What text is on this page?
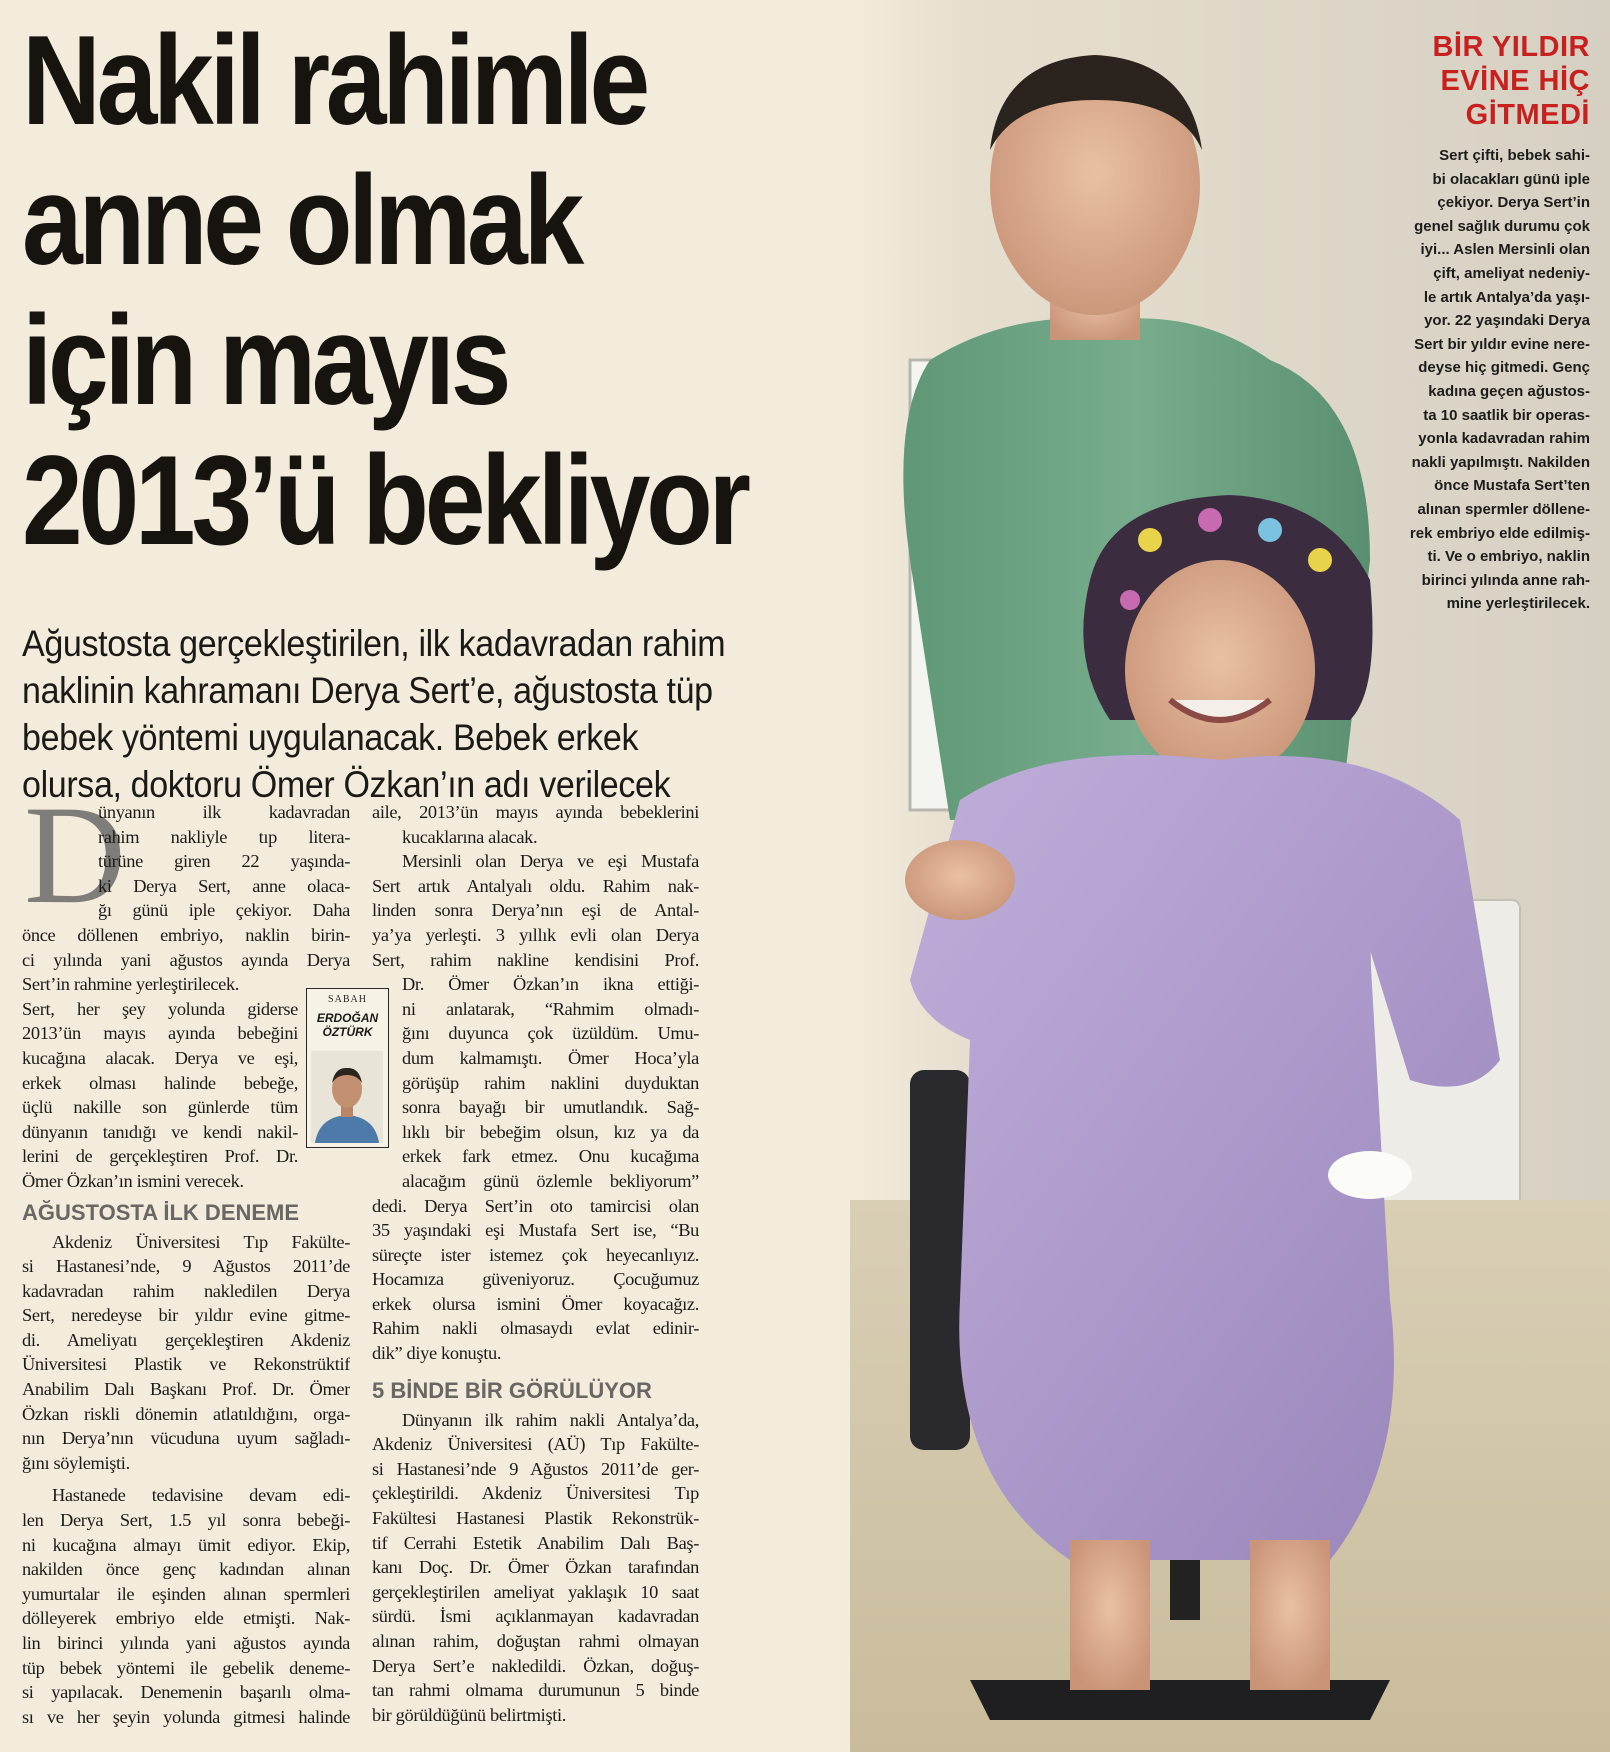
Nakil rahimle
anne olmak
için mayıs
2013’ü bekliyor
Ağustosta gerçekleştirilen, ilk kadavradan rahim
naklinin kahramanı Derya Sert’e, ağustosta tüp
bebek yöntemi uygulanacak. Bebek erkek
olursa, doktoru Ömer Özkan’ın adı verilecek
BİR YILDIR
EVİNE HİÇ
GİTMEDİ
Sert çifti, bebek sahi-
bi olacakları günü iple
çekiyor. Derya Sert’in
genel sağlık durumu çok
iyi... Aslen Mersinli olan
çift, ameliyat nedeniy-
le artık Antalya’da yaşı-
yor. 22 yaşındaki Derya
Sert bir yıldır evine nere-
deyse hiç gitmedi. Genç
kadına geçen ağustos-
ta 10 saatlik bir operas-
yonla kadavradan rahim
nakli yapılmıştı. Nakilden
önce Mustafa Sert’ten
alınan spermler döllene-
rek embriyo elde edilmiş-
ti. Ve o embriyo, naklin
birinci yılında anne rah-
mine yerleştirilecek.
D
ünyanın ilk kadavradan
rahim nakliyle tıp litera-
türüne giren 22 yaşında-
ki Derya Sert, anne olaca-
ğı günü iple çekiyor. Daha
önce döllenen embriyo, naklin birin-
ci yılında yani ağustos ayında Derya
Sert’in rahmine yerleştirilecek.
Sert, her şey yolunda giderse
2013’ün mayıs ayında bebeğini
kucağına alacak. Derya ve eşi,
erkek olması halinde bebeğe,
üçlü nakille son günlerde tüm
dünyanın tanıdığı ve kendi nakil-
lerini de gerçekleştiren Prof. Dr.
Ömer Özkan’ın ismini verecek.
AĞUSTOSTA İLK DENEME
Akdeniz Üniversitesi Tıp Fakülte-
si Hastanesi’nde, 9 Ağustos 2011’de
kadavradan rahim nakledilen Derya
Sert, neredeyse bir yıldır evine gitme-
di. Ameliyatı gerçekleştiren Akdeniz
Üniversitesi Plastik ve Rekonstrüktif
Anabilim Dalı Başkanı Prof. Dr. Ömer
Özkan riskli dönemin atlatıldığını, orga-
nın Derya’nın vücuduna uyum sağladı-
ğını söylemişti.
Hastanede tedavisine devam edi-
len Derya Sert, 1.5 yıl sonra bebeği-
ni kucağına almayı ümit ediyor. Ekip,
nakilden önce genç kadından alınan
yumurtalar ile eşinden alınan spermleri
dölleyerek embriyo elde etmişti. Nak-
lin birinci yılında yani ağustos ayında
tüp bebek yöntemi ile gebelik deneme-
si yapılacak. Denemenin başarılı olma-
sı ve her şeyin yolunda gitmesi halinde
SABAH
ERDOĞAN
ÖZTÜRK
aile, 2013’ün mayıs ayında bebeklerini
kucaklarına alacak.
Mersinli olan Derya ve eşi Mustafa
Sert artık Antalyalı oldu. Rahim nak-
linden sonra Derya’nın eşi de Antal-
ya’ya yerleşti. 3 yıllık evli olan Derya
Sert, rahim nakline kendisini Prof.
Dr. Ömer Özkan’ın ikna ettiği-
ni anlatarak, “Rahmim olmadı-
ğını duyunca çok üzüldüm. Umu-
dum kalmamıştı. Ömer Hoca’yla
görüşüp rahim naklini duyduktan
sonra bayağı bir umutlandık. Sağ-
lıklı bir bebeğim olsun, kız ya da
erkek fark etmez. Onu kucağıma
alacağım günü özlemle bekliyorum”
dedi. Derya Sert’in oto tamircisi olan
35 yaşındaki eşi Mustafa Sert ise, “Bu
süreçte ister istemez çok heyecanlıyız.
Hocamıza güveniyoruz. Çocuğumuz
erkek olursa ismini Ömer koyacağız.
Rahim nakli olmasaydı evlat edinir-
dik” diye konuştu.
5 BİNDE BİR GÖRÜLÜYOR
Dünyanın ilk rahim nakli Antalya’da,
Akdeniz Üniversitesi (AÜ) Tıp Fakülte-
si Hastanesi’nde 9 Ağustos 2011’de ger-
çekleştirildi. Akdeniz Üniversitesi Tıp
Fakültesi Hastanesi Plastik Rekonstrük-
tif Cerrahi Estetik Anabilim Dalı Baş-
kanı Doç. Dr. Ömer Özkan tarafından
gerçekleştirilen ameliyat yaklaşık 10 saat
sürdü. İsmi açıklanmayan kadavradan
alınan rahim, doğuştan rahmi olmayan
Derya Sert’e nakledildi. Özkan, doğuş-
tan rahmi olmama durumunun 5 binde
bir görüldüğünü belirtmişti.
